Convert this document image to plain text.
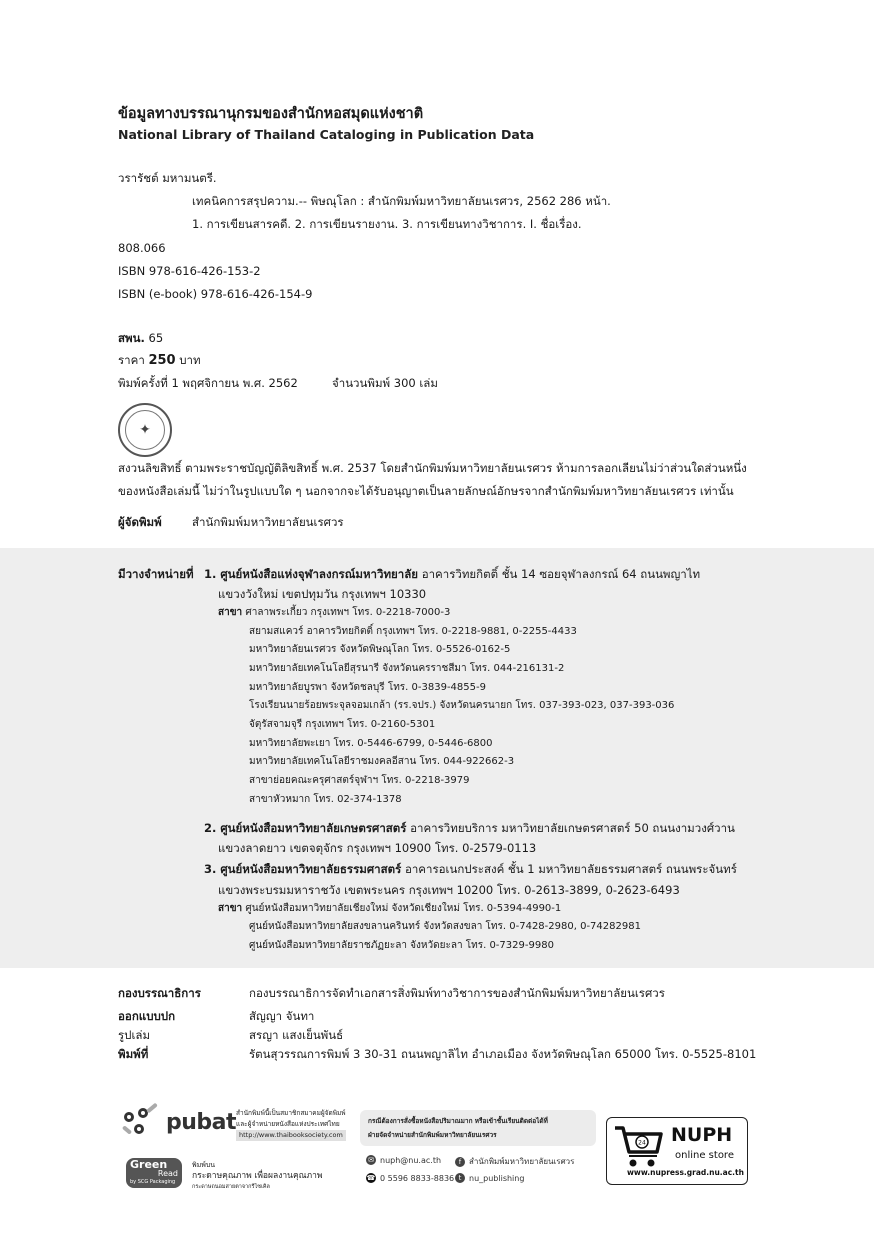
ข้อมูลทางบรรณานุกรมของสำนักหอสมุดแห่งชาติ
National Library of Thailand Cataloging in Publication Data
วรารัชต์ มหามนตรี.
เทคนิคการสรุปความ.-- พิษณุโลก : สำนักพิมพ์มหาวิทยาลัยนเรศวร, 2562 286 หน้า.
1. การเขียนสารคดี. 2. การเขียนรายงาน. 3. การเขียนทางวิชาการ. I. ชื่อเรื่อง.
808.066
ISBN 978-616-426-153-2
ISBN (e-book) 978-616-426-154-9
สพน. 65
ราคา 250 บาท
พิมพ์ครั้งที่ 1 พฤศจิกายน พ.ศ. 2562	จำนวนพิมพ์ 300 เล่ม
✦
สงวนลิขสิทธิ์ ตามพระราชบัญญัติลิขสิทธิ์ พ.ศ. 2537 โดยสำนักพิมพ์มหาวิทยาลัยนเรศวร ห้ามการลอกเลียนไม่ว่าส่วนใดส่วนหนึ่ง
ของหนังสือเล่มนี้ ไม่ว่าในรูปแบบใด ๆ นอกจากจะได้รับอนุญาตเป็นลายลักษณ์อักษรจากสำนักพิมพ์มหาวิทยาลัยนเรศวร เท่านั้น
ผู้จัดพิมพ์	สำนักพิมพ์มหาวิทยาลัยนเรศวร
มีวางจำหน่ายที่ 1. ศูนย์หนังสือแห่งจุฬาลงกรณ์มหาวิทยาลัย อาคารวิทยกิตติ์ ชั้น 14 ซอยจุฬาลงกรณ์ 64 ถนนพญาไท
แขวงวังใหม่ เขตปทุมวัน กรุงเทพฯ 10330
สาขา ศาลาพระเกี้ยว กรุงเทพฯ โทร. 0-2218-7000-3
สยามสแควร์ อาคารวิทยกิตติ์ กรุงเทพฯ โทร. 0-2218-9881, 0-2255-4433
มหาวิทยาลัยนเรศวร จังหวัดพิษณุโลก โทร. 0-5526-0162-5
มหาวิทยาลัยเทคโนโลยีสุรนารี จังหวัดนครราชสีมา โทร. 044-216131-2
มหาวิทยาลัยบูรพา จังหวัดชลบุรี โทร. 0-3839-4855-9
โรงเรียนนายร้อยพระจุลจอมเกล้า (รร.จปร.) จังหวัดนครนายก โทร. 037-393-023, 037-393-036
จัตุรัสจามจุรี กรุงเทพฯ โทร. 0-2160-5301
มหาวิทยาลัยพะเยา โทร. 0-5446-6799, 0-5446-6800
มหาวิทยาลัยเทคโนโลยีราชมงคลอีสาน โทร. 044-922662-3
สาขาย่อยคณะครุศาสตร์จุฬาฯ โทร. 0-2218-3979
สาขาหัวหมาก โทร. 02-374-1378
2. ศูนย์หนังสือมหาวิทยาลัยเกษตรศาสตร์ อาคารวิทยบริการ มหาวิทยาลัยเกษตรศาสตร์ 50 ถนนงามวงศ์วาน
แขวงลาดยาว เขตจตุจักร กรุงเทพฯ 10900 โทร. 0-2579-0113
3. ศูนย์หนังสือมหาวิทยาลัยธรรมศาสตร์ อาคารอเนกประสงค์ ชั้น 1 มหาวิทยาลัยธรรมศาสตร์ ถนนพระจันทร์
แขวงพระบรมมหาราชวัง เขตพระนคร กรุงเทพฯ 10200 โทร. 0-2613-3899, 0-2623-6493
สาขา ศูนย์หนังสือมหาวิทยาลัยเชียงใหม่ จังหวัดเชียงใหม่ โทร. 0-5394-4990-1
ศูนย์หนังสือมหาวิทยาลัยสงขลานครินทร์ จังหวัดสงขลา โทร. 0-7428-2980, 0-74282981
ศูนย์หนังสือมหาวิทยาลัยราชภัฏยะลา จังหวัดยะลา โทร. 0-7329-9980
กองบรรณาธิการ	กองบรรณาธิการจัดทำเอกสารสิ่งพิมพ์ทางวิชาการของสำนักพิมพ์มหาวิทยาลัยนเรศวร
ออกแบบปก	สัญญา จันทา
รูปเล่ม	สรญา แสงเย็นพันธ์
พิมพ์ที่	รัตนสุวรรณการพิมพ์ 3 30-31 ถนนพญาลิไท อำเภอเมือง จังหวัดพิษณุโลก 65000 โทร. 0-5525-8101
pubat สำนักพิมพ์นี้เป็นสมาชิกสมาคมผู้จัดพิมพ์
และผู้จำหน่ายหนังสือแห่งประเทศไทย
http://www.thaibooksociety.com
Green
Read
by SCG Packaging
พิมพ์บน
กระดาษคุณภาพ เพื่อผลงานคุณภาพ
กระดาษถนอมสายตาจากรีไซเคิล
กรณีต้องการสั่งซื้อหนังสือปริมาณมาก หรือเข้าชั้นเรียนติดต่อได้ที่
ฝ่ายจัดจำหน่ายสำนักพิมพ์มหาวิทยาลัยนเรศวร
✉ nuph@nu.ac.th	f สำนักพิมพ์มหาวิทยาลัยนเรศวร
☎ 0 5596 8833-8836 t nu_publishing
24 NUPH
online store
www.nupress.grad.nu.ac.th
